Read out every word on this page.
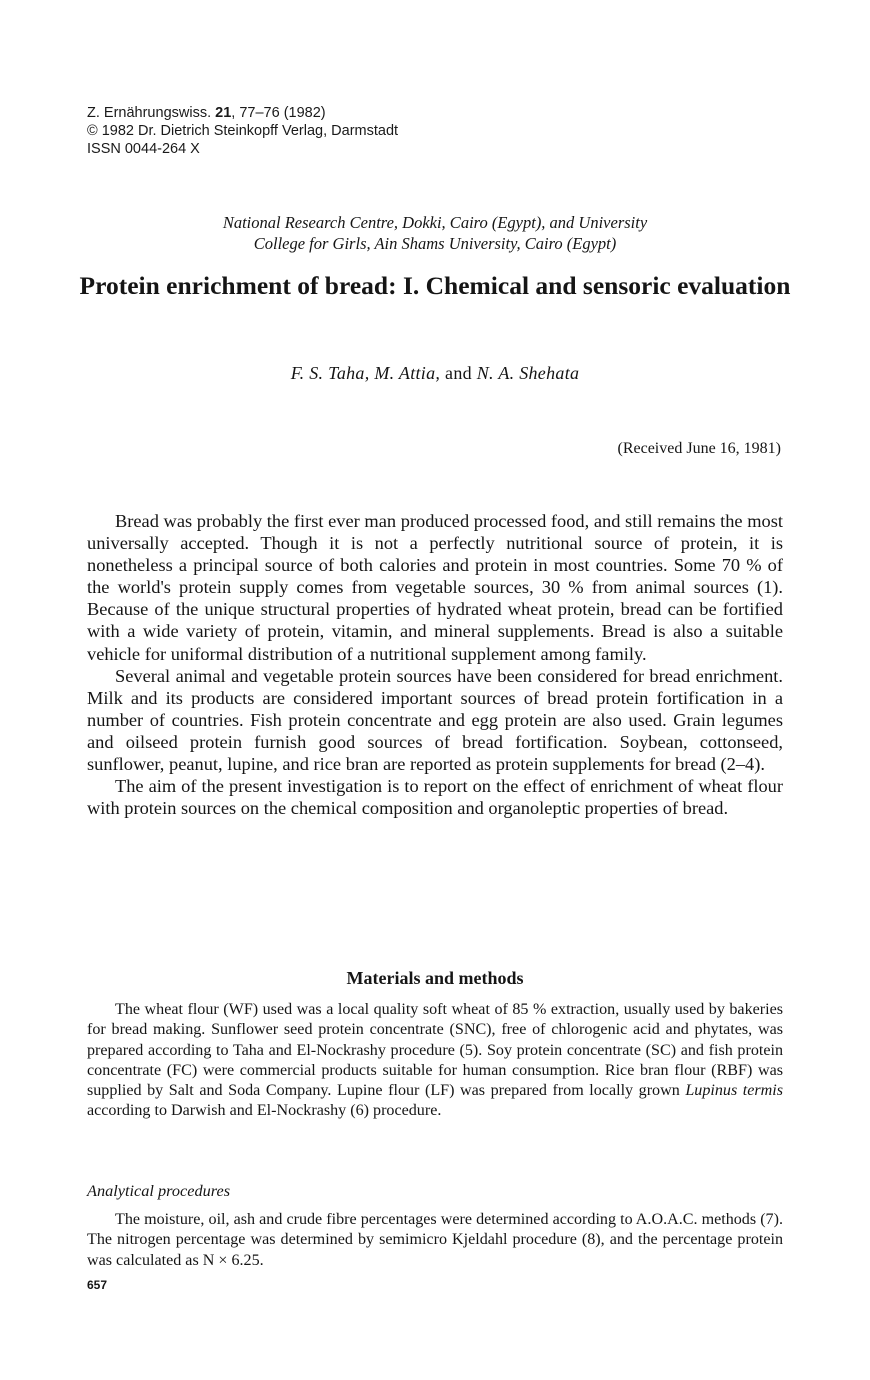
Z. Ernährungswiss. 21, 77–76 (1982)
© 1982 Dr. Dietrich Steinkopff Verlag, Darmstadt
ISSN 0044-264 X
National Research Centre, Dokki, Cairo (Egypt), and University
College for Girls, Ain Shams University, Cairo (Egypt)
Protein enrichment of bread: I. Chemical and sensoric evaluation
F. S. Taha, M. Attia, and N. A. Shehata
(Received June 16, 1981)

Bread was probably the first ever man produced processed food, and still remains the most universally accepted. Though it is not a perfectly nutritional source of protein, it is nonetheless a principal source of both calories and protein in most countries. Some 70 % of the world's protein supply comes from vegetable sources, 30 % from animal sources (1). Because of the unique structural properties of hydrated wheat protein, bread can be fortified with a wide variety of protein, vitamin, and mineral supplements. Bread is also a suitable vehicle for uniformal distribution of a nutritional supplement among family.

Several animal and vegetable protein sources have been considered for bread enrichment. Milk and its products are considered important sources of bread protein fortification in a number of countries. Fish protein concentrate and egg protein are also used. Grain legumes and oilseed protein furnish good sources of bread fortification. Soybean, cottonseed, sunflower, peanut, lupine, and rice bran are reported as protein supplements for bread (2–4).

The aim of the present investigation is to report on the effect of enrichment of wheat flour with protein sources on the chemical composition and organoleptic properties of bread.

Materials and methods

The wheat flour (WF) used was a local quality soft wheat of 85 % extraction, usually used by bakeries for bread making. Sunflower seed protein concentrate (SNC), free of chlorogenic acid and phytates, was prepared according to Taha and El-Nockrashy procedure (5). Soy protein concentrate (SC) and fish protein concentrate (FC) were commercial products suitable for human consumption. Rice bran flour (RBF) was supplied by Salt and Soda Company. Lupine flour (LF) was prepared from locally grown Lupinus termis according to Darwish and El-Nockrashy (6) procedure.

Analytical procedures

The moisture, oil, ash and crude fibre percentages were determined according to A.O.A.C. methods (7). The nitrogen percentage was determined by semimicro Kjeldahl procedure (8), and the percentage protein was calculated as N × 6.25.

657
